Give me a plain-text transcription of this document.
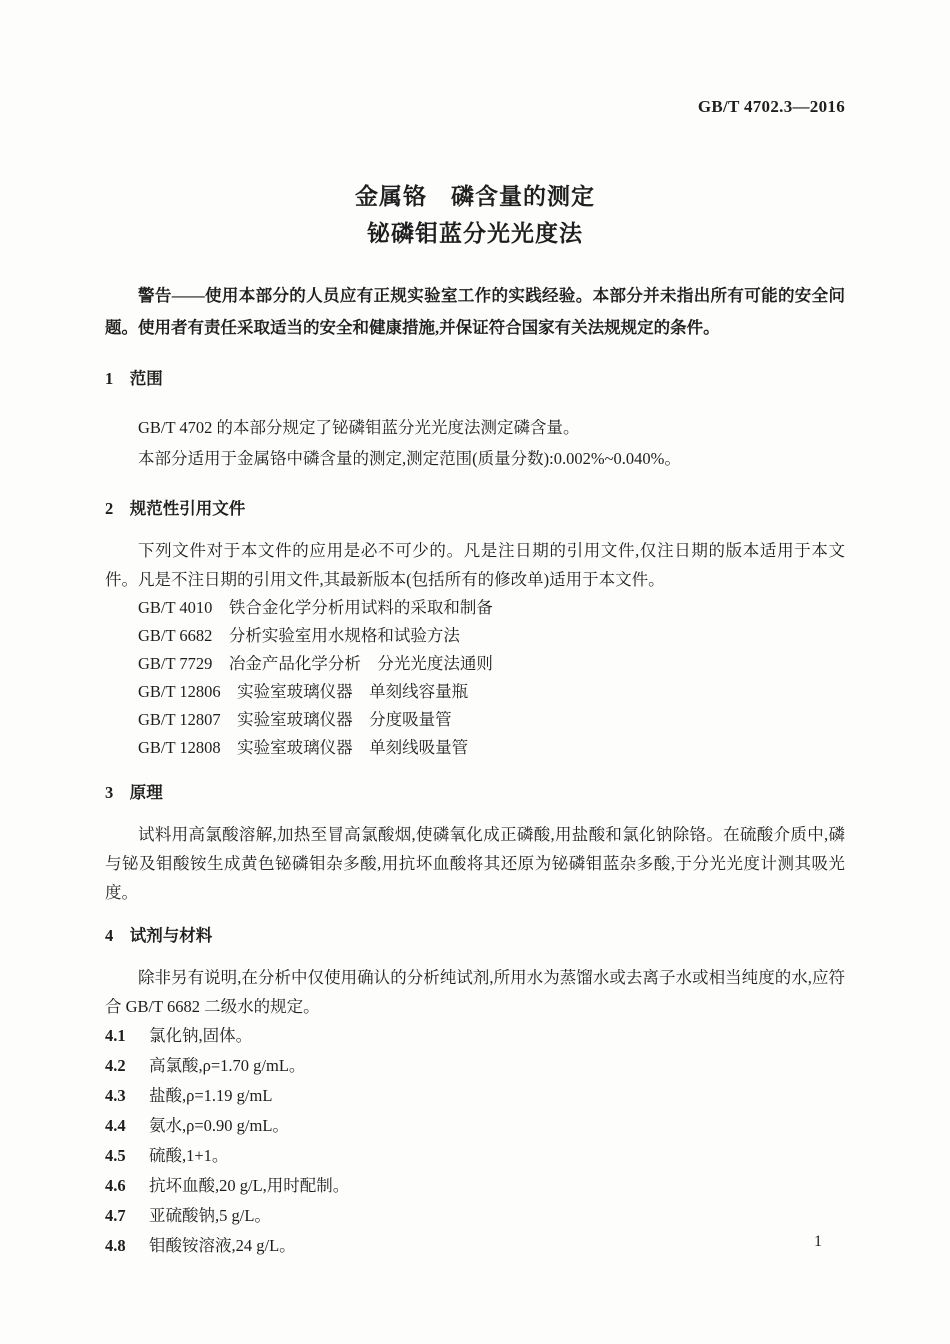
GB/T 4702.3—2016
金属铬　磷含量的测定
铋磷钼蓝分光光度法

警告——使用本部分的人员应有正规实验室工作的实践经验。本部分并未指出所有可能的安全问题。使用者有责任采取适当的安全和健康措施,并保证符合国家有关法规规定的条件。

1　范围

GB/T 4702 的本部分规定了铋磷钼蓝分光光度法测定磷含量。

本部分适用于金属铬中磷含量的测定,测定范围(质量分数):0.002%~0.040%。

2　规范性引用文件

下列文件对于本文件的应用是必不可少的。凡是注日期的引用文件,仅注日期的版本适用于本文件。凡是不注日期的引用文件,其最新版本(包括所有的修改单)适用于本文件。

GB/T 4010　铁合金化学分析用试料的采取和制备

GB/T 6682　分析实验室用水规格和试验方法

GB/T 7729　冶金产品化学分析　分光光度法通则

GB/T 12806　实验室玻璃仪器　单刻线容量瓶

GB/T 12807　实验室玻璃仪器　分度吸量管

GB/T 12808　实验室玻璃仪器　单刻线吸量管

3　原理

试料用高氯酸溶解,加热至冒高氯酸烟,使磷氧化成正磷酸,用盐酸和氯化钠除铬。在硫酸介质中,磷与铋及钼酸铵生成黄色铋磷钼杂多酸,用抗坏血酸将其还原为铋磷钼蓝杂多酸,于分光光度计测其吸光度。

4　试剂与材料

除非另有说明,在分析中仅使用确认的分析纯试剂,所用水为蒸馏水或去离子水或相当纯度的水,应符合 GB/T 6682 二级水的规定。

4.1 氯化钠,固体。

4.2 高氯酸,ρ=1.70 g/mL。

4.3 盐酸,ρ=1.19 g/mL

4.4 氨水,ρ=0.90 g/mL。

4.5 硫酸,1+1。

4.6 抗坏血酸,20 g/L,用时配制。

4.7 亚硫酸钠,5 g/L。

4.8 钼酸铵溶液,24 g/L。	1
